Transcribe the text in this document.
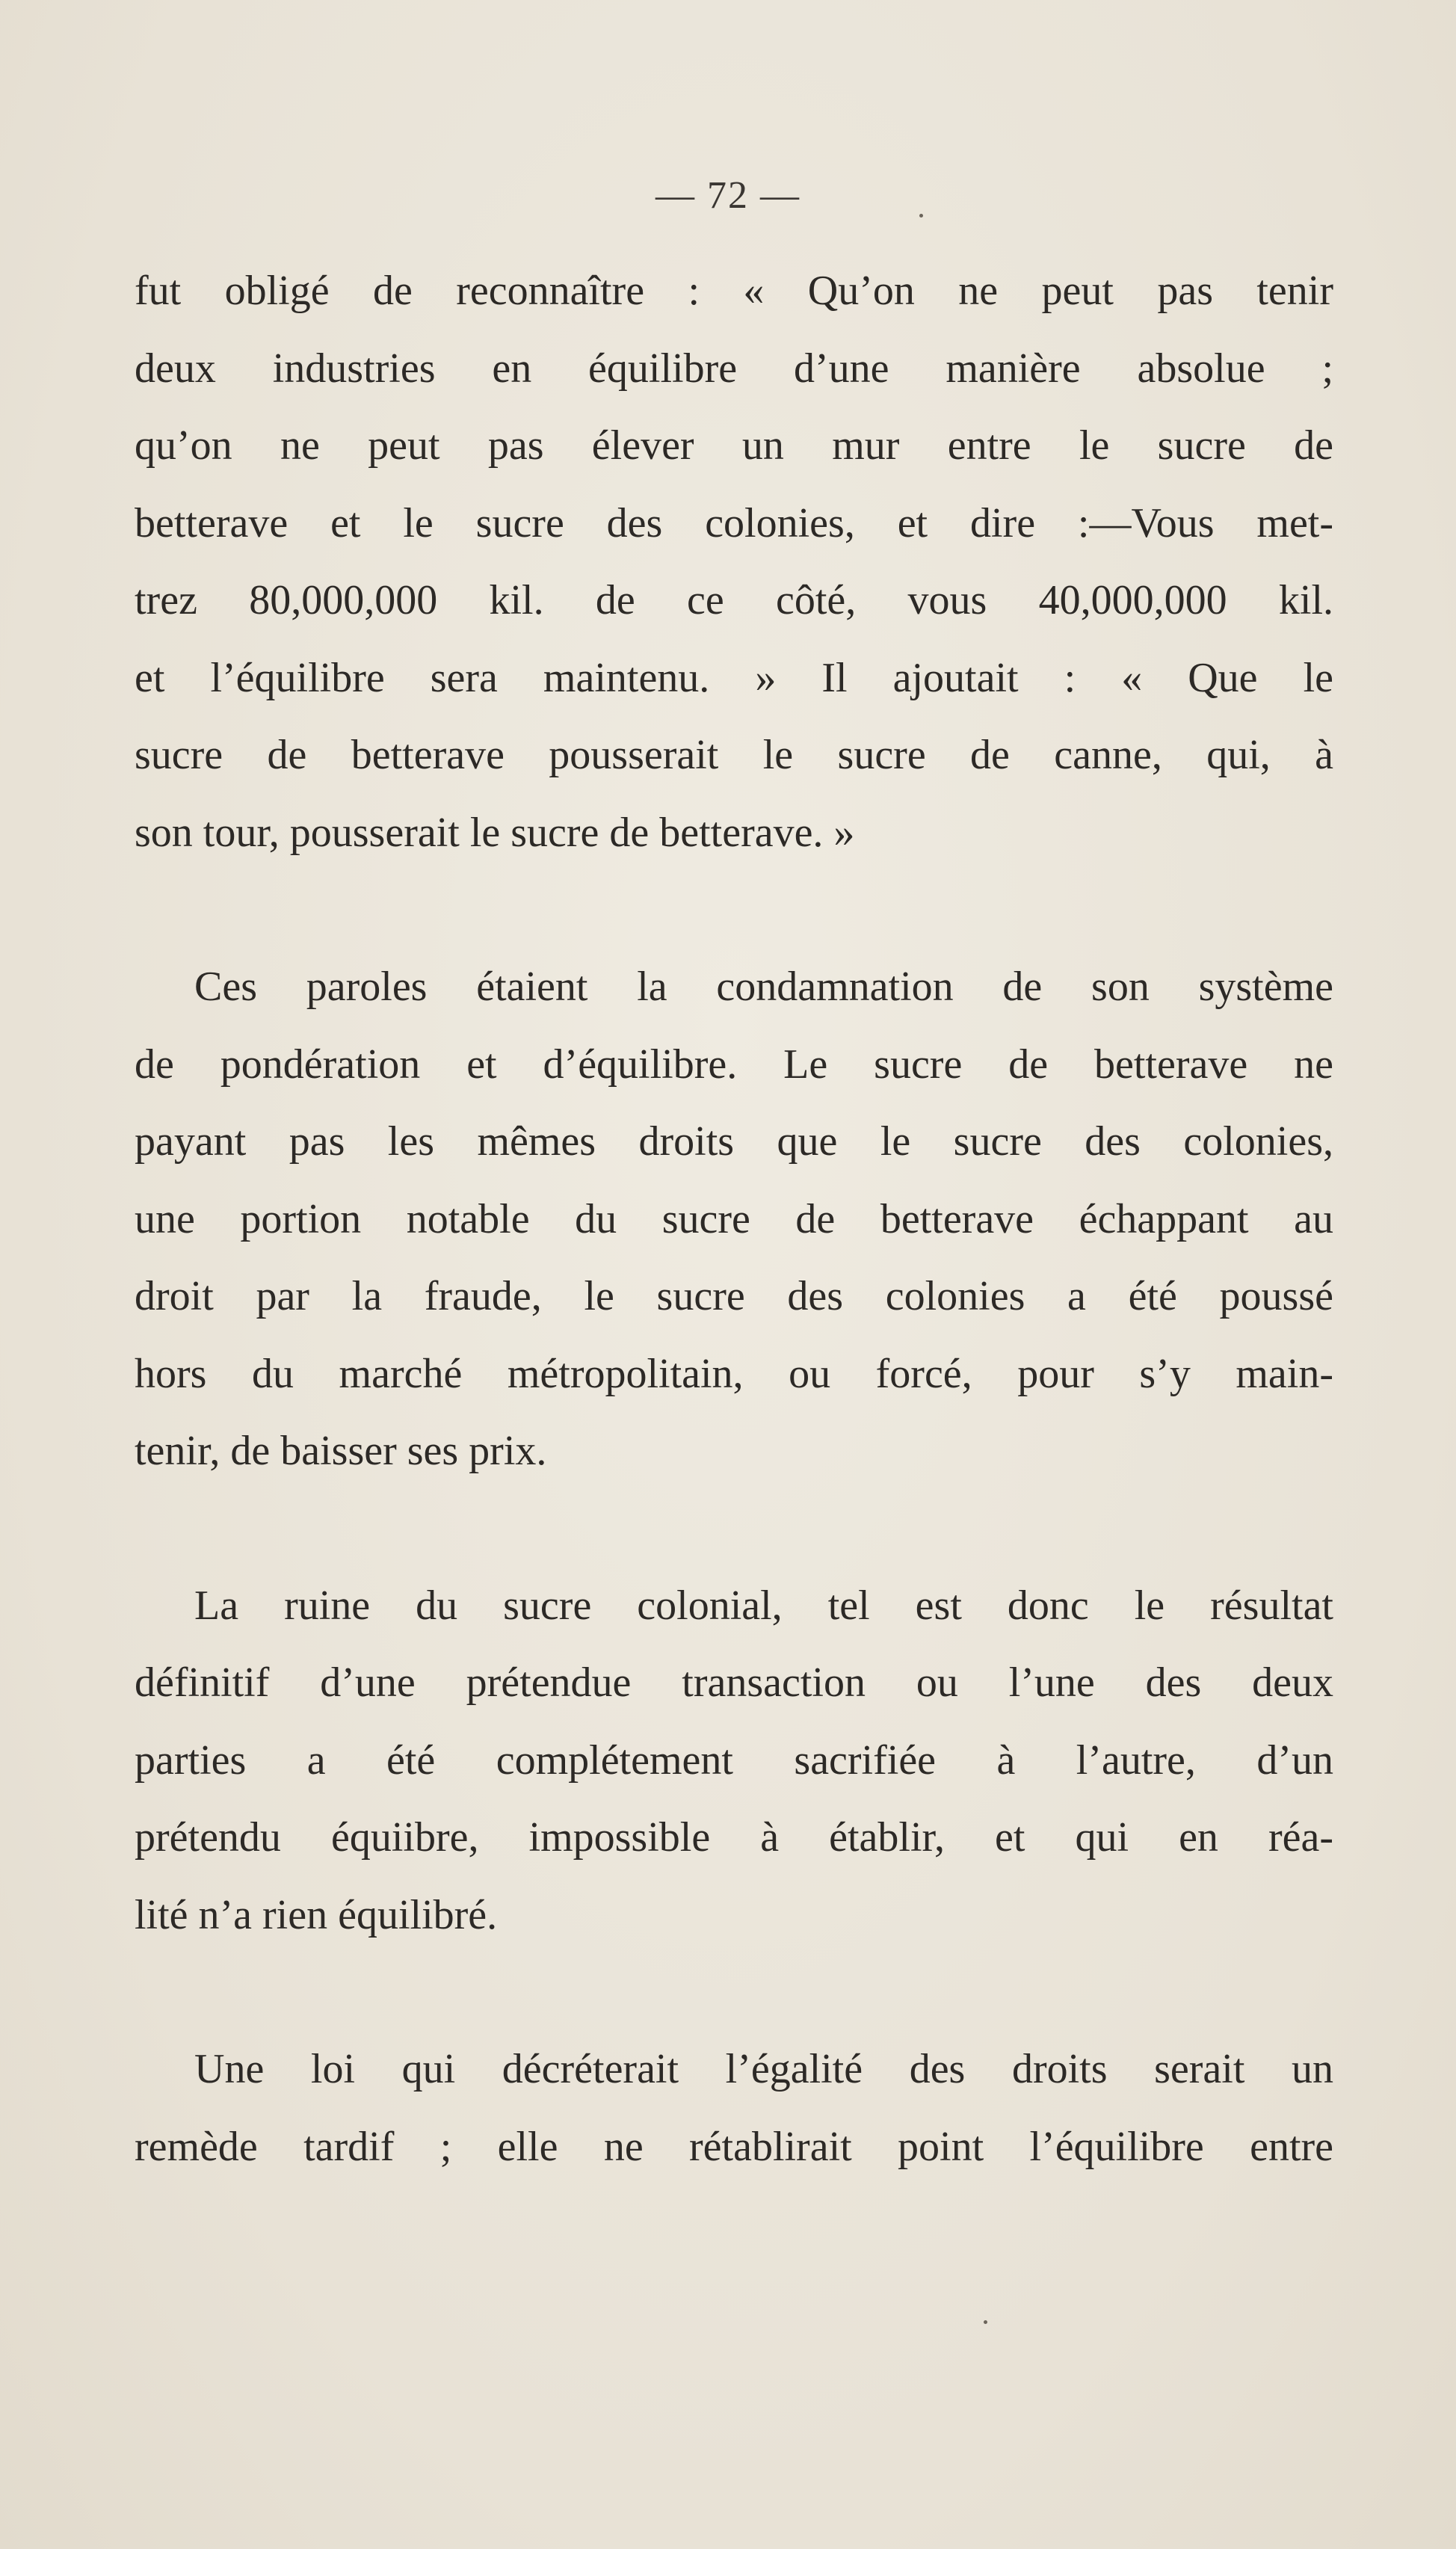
— 72 —

fut obligé de reconnaître : « Qu’on ne peut pas tenir
deux industries en équilibre d’une manière absolue ;
qu’on ne peut pas élever un mur entre le sucre de
betterave et le sucre des colonies, et dire :—Vous met-
trez 80,000,000 kil. de ce côté, vous 40,000,000 kil.
et l’équilibre sera maintenu. » Il ajoutait : « Que le
sucre de betterave pousserait le sucre de canne, qui, à
son tour, pousserait le sucre de betterave. »

Ces paroles étaient la condamnation de son système
de pondération et d’équilibre. Le sucre de betterave ne
payant pas les mêmes droits que le sucre des colonies,
une portion notable du sucre de betterave échappant au
droit par la fraude, le sucre des colonies a été poussé
hors du marché métropolitain, ou forcé, pour s’y main-
tenir, de baisser ses prix.

La ruine du sucre colonial, tel est donc le résultat
définitif d’une prétendue transaction ou l’une des deux
parties a été complétement sacrifiée à l’autre, d’un
prétendu équiibre, impossible à établir, et qui en réa-
lité n’a rien équilibré.

Une loi qui décréterait l’égalité des droits serait un
remède tardif ; elle ne rétablirait point l’équilibre entre
